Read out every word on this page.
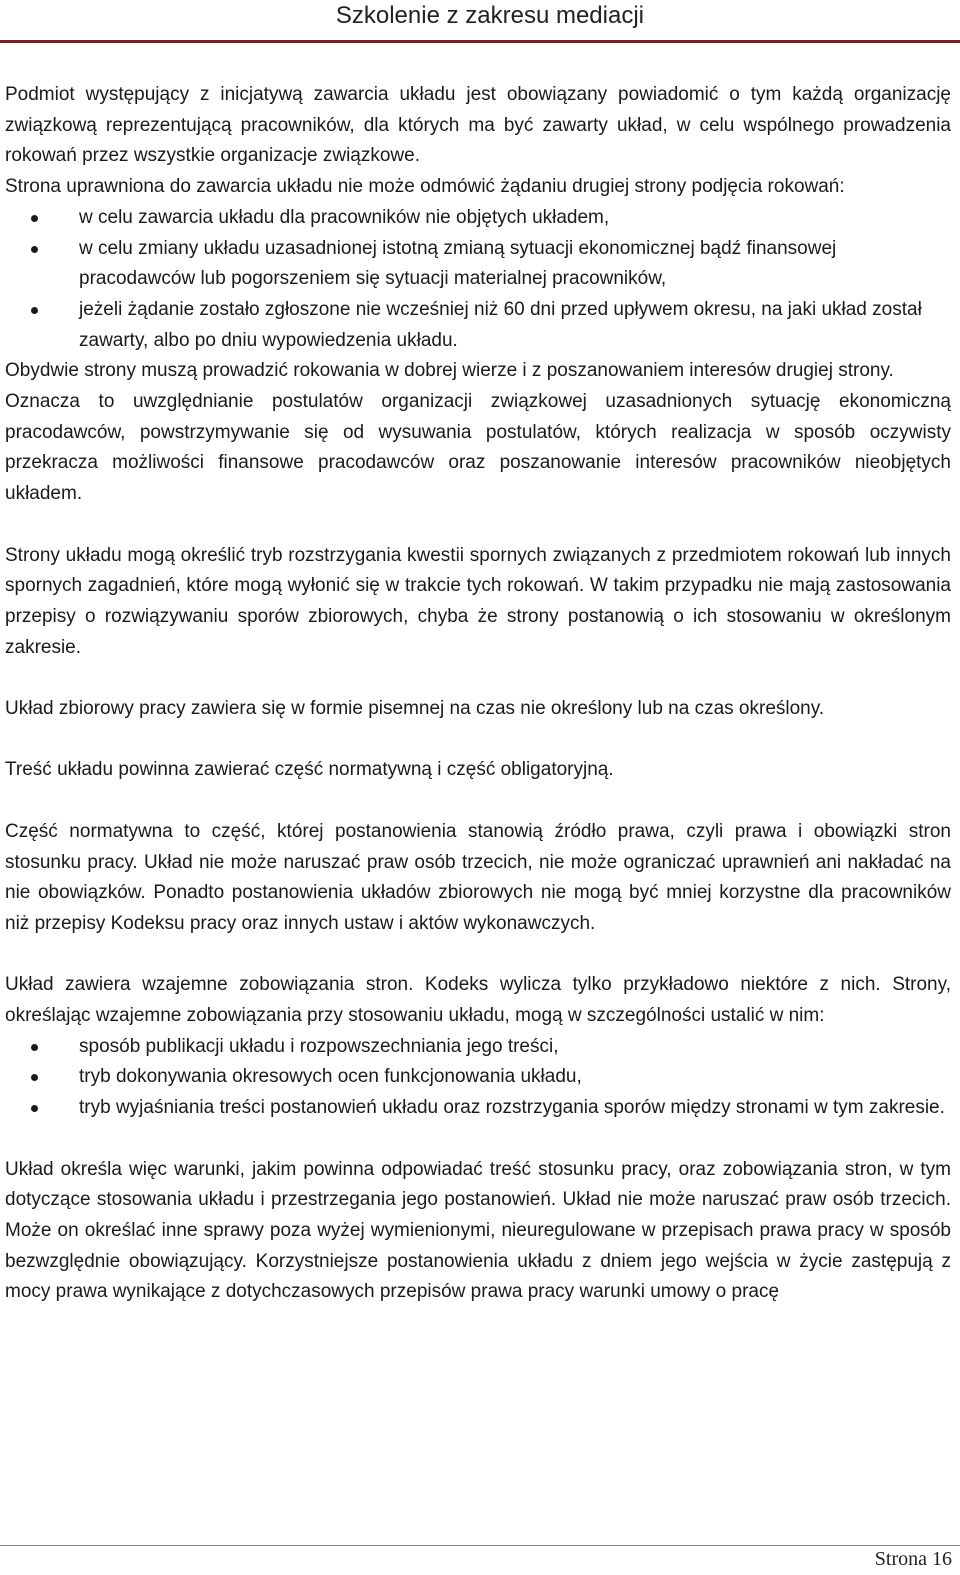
Szkolenie z zakresu mediacji

Podmiot występujący z inicjatywą zawarcia układu jest obowiązany powiadomić o tym każdą organizację związkową reprezentującą pracowników, dla których ma być zawarty układ, w celu wspólnego prowadzenia rokowań przez wszystkie organizacje związkowe.

Strona uprawniona do zawarcia układu nie może odmówić żądaniu drugiej strony podjęcia rokowań:

w celu zawarcia układu dla pracowników nie objętych układem,
w celu zmiany układu uzasadnionej istotną zmianą sytuacji ekonomicznej bądź finansowej pracodawców lub pogorszeniem się sytuacji materialnej pracowników,
jeżeli żądanie zostało zgłoszone nie wcześniej niż 60 dni przed upływem okresu, na jaki układ został zawarty, albo po dniu wypowiedzenia układu.

Obydwie strony muszą prowadzić rokowania w dobrej wierze i z poszanowaniem interesów drugiej strony.

Oznacza to uwzględnianie postulatów organizacji związkowej uzasadnionych sytuację ekonomiczną pracodawców, powstrzymywanie się od wysuwania postulatów, których realizacja w sposób oczywisty przekracza możliwości finansowe pracodawców oraz poszanowanie interesów pracowników nieobjętych układem.

Strony układu mogą określić tryb rozstrzygania kwestii spornych związanych z przedmiotem rokowań lub innych spornych zagadnień, które mogą wyłonić się w trakcie tych rokowań. W takim przypadku nie mają zastosowania przepisy o rozwiązywaniu sporów zbiorowych, chyba że strony postanowią o ich stosowaniu w określonym zakresie.

Układ zbiorowy pracy zawiera się w formie pisemnej na czas nie określony lub na czas określony.

Treść układu powinna zawierać część normatywną i część obligatoryjną.

Część normatywna to część, której postanowienia stanowią źródło prawa, czyli prawa i obowiązki stron stosunku pracy. Układ nie może naruszać praw osób trzecich, nie może ograniczać uprawnień ani nakładać na nie obowiązków. Ponadto postanowienia układów zbiorowych nie mogą być mniej korzystne dla pracowników niż przepisy Kodeksu pracy oraz innych ustaw i aktów wykonawczych.

Układ zawiera wzajemne zobowiązania stron. Kodeks wylicza tylko przykładowo niektóre z nich. Strony, określając wzajemne zobowiązania przy stosowaniu układu, mogą w szczególności ustalić w nim:

sposób publikacji układu i rozpowszechniania jego treści,
tryb dokonywania okresowych ocen funkcjonowania układu,
tryb wyjaśniania treści postanowień układu oraz rozstrzygania sporów między stronami w tym zakresie.

Układ określa więc warunki, jakim powinna odpowiadać treść stosunku pracy, oraz zobowiązania stron, w tym dotyczące stosowania układu i przestrzegania jego postanowień. Układ nie może naruszać praw osób trzecich. Może on określać inne sprawy poza wyżej wymienionymi, nieuregulowane w przepisach prawa pracy w sposób bezwzględnie obowiązujący. Korzystniejsze postanowienia układu z dniem jego wejścia w życie zastępują z mocy prawa wynikające z dotychczasowych przepisów prawa pracy warunki umowy o pracę

Strona 16
